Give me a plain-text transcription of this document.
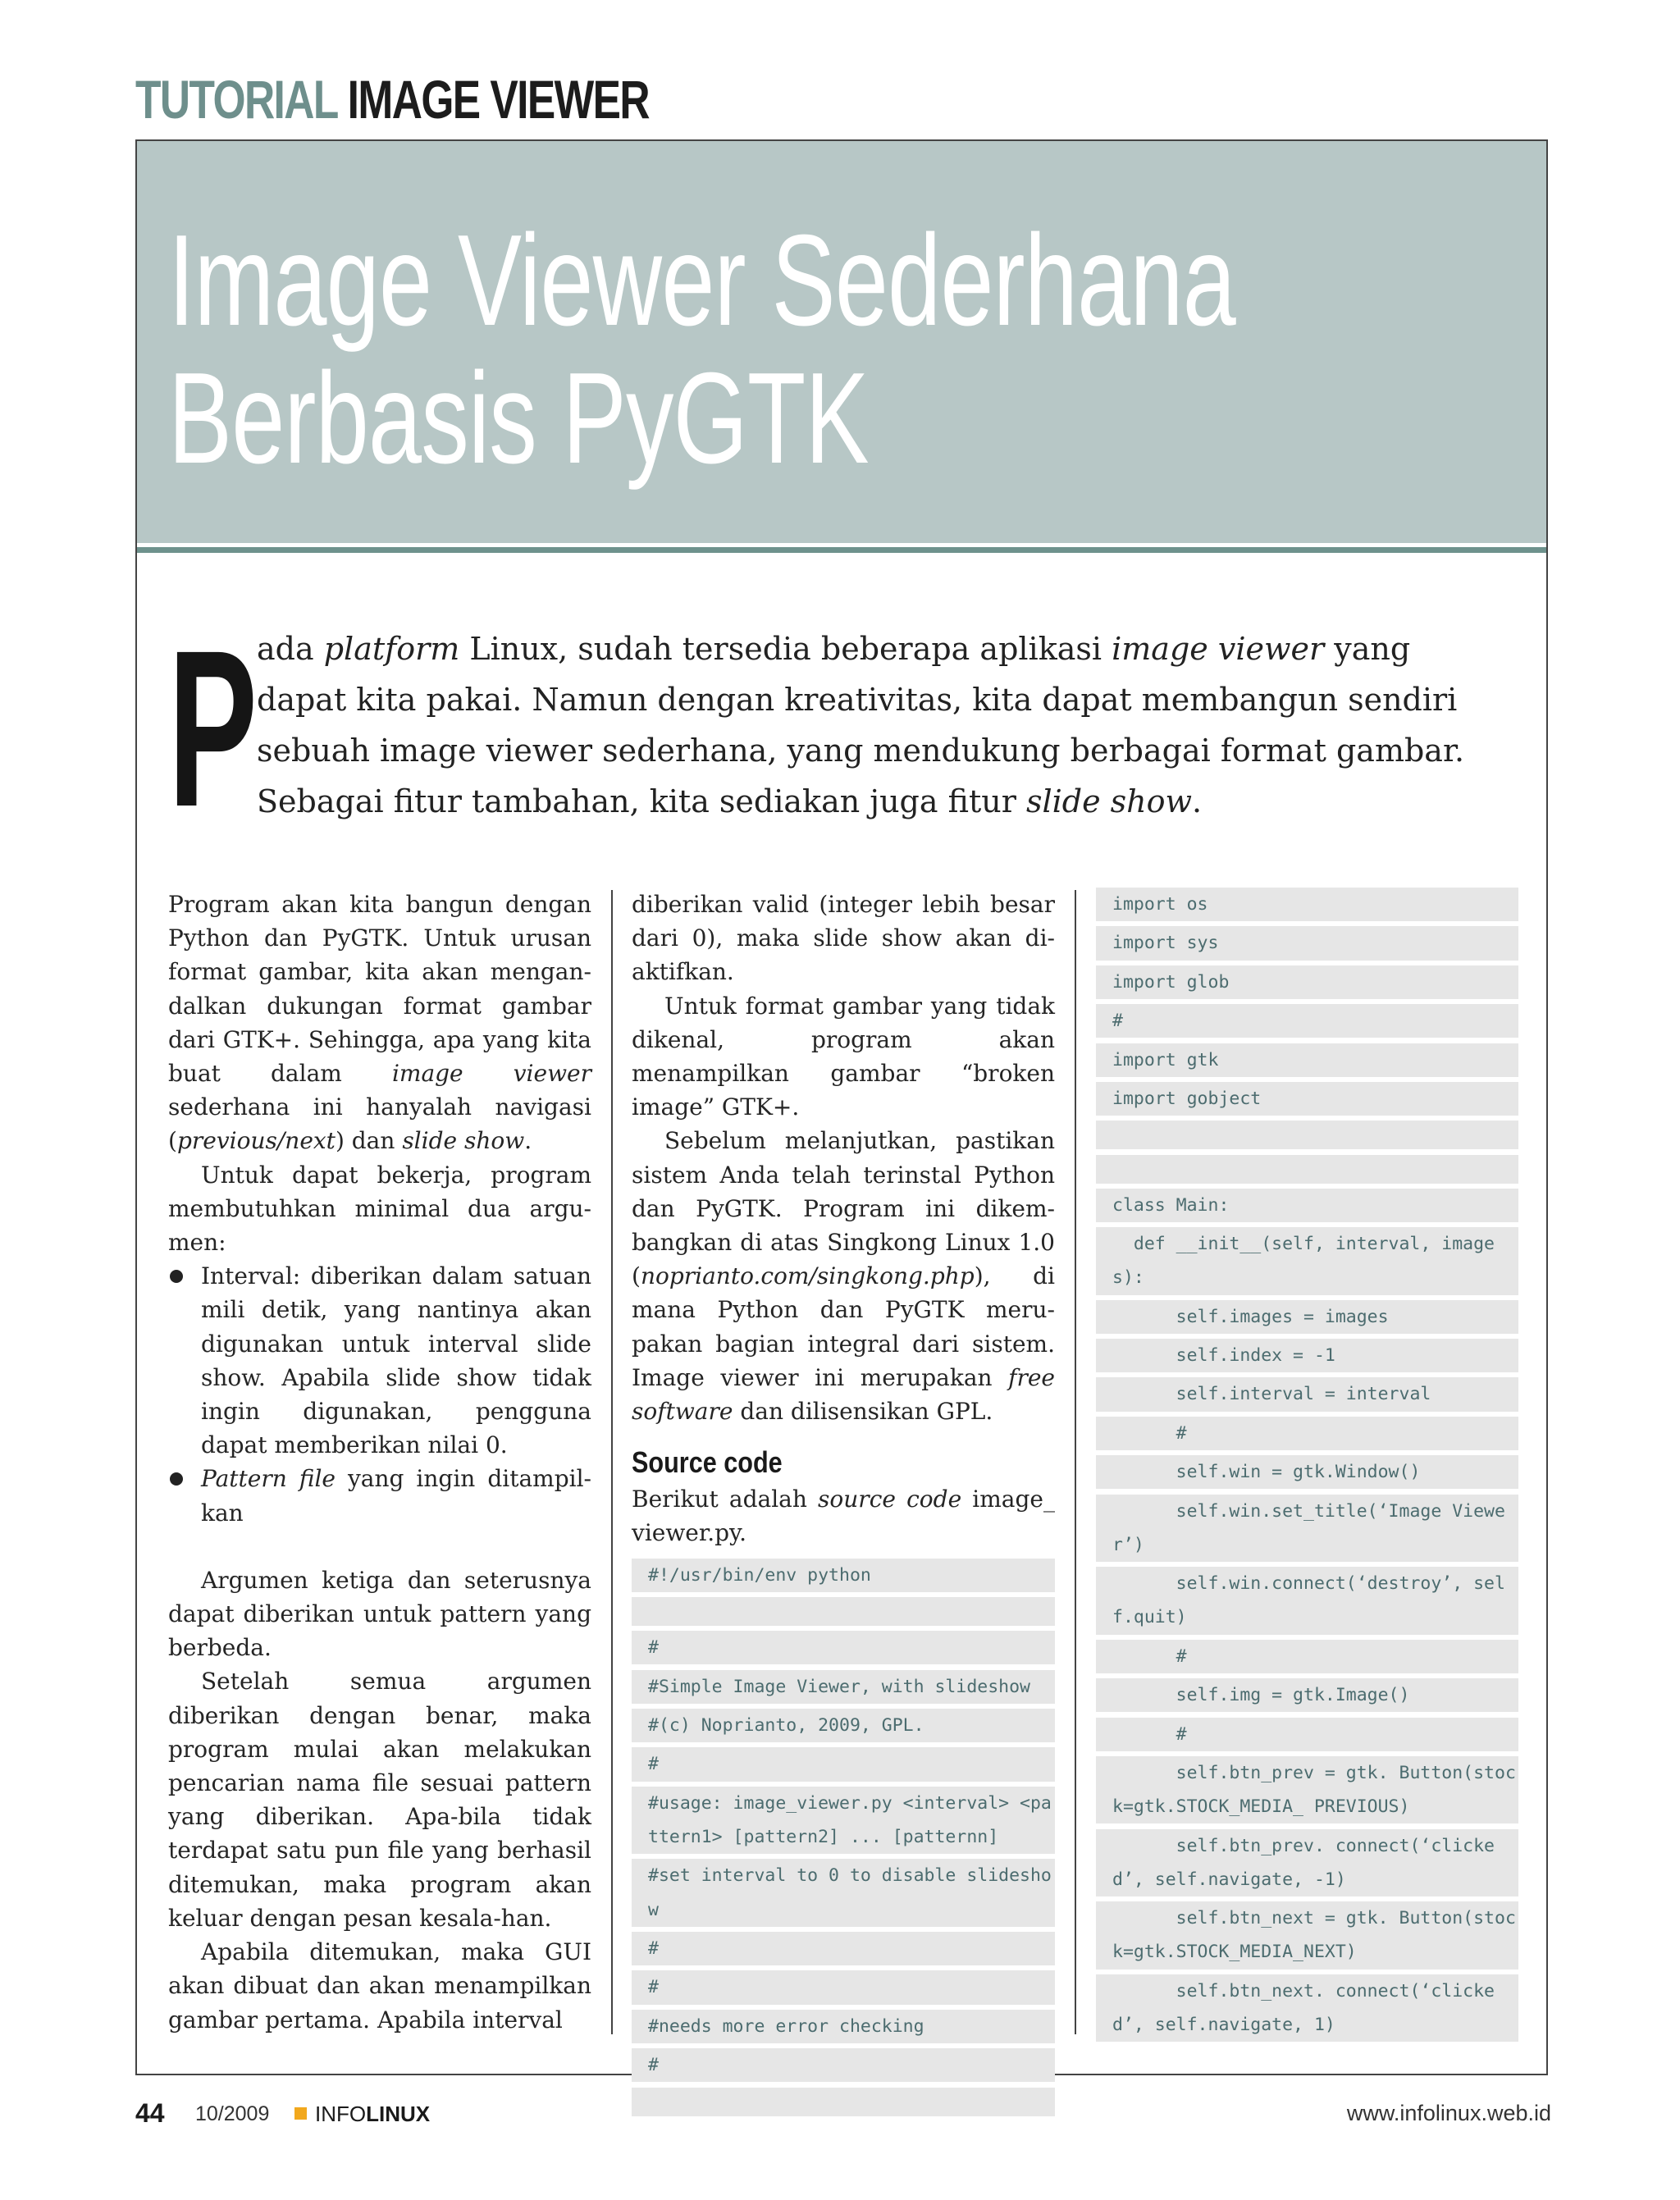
TUTORIAL IMAGE VIEWER
Image Viewer Sederhana
Berbasis PyGTK
P ada platform Linux, sudah tersedia beberapa aplikasi image viewer yang dapat kita pakai. Namun dengan kreativitas, kita dapat membangun sendiri sebuah image viewer sederhana, yang mendukung berbagai format gambar. Sebagai fitur tambahan, kita sediakan juga fitur slide show.

Program akan kita bangun dengan Python dan PyGTK. Untuk urusan format gambar, kita akan mengan-dalkan dukungan format gambar dari GTK+. Sehingga, apa yang kita buat dalam image viewer sederhana ini hanyalah navigasi (previous/next) dan slide show.

Untuk dapat bekerja, program membutuhkan minimal dua argu-men:

Interval: diberikan dalam satuan mili detik, yang nantinya akan digunakan untuk interval slide show. Apabila slide show tidak ingin digunakan, pengguna dapat memberikan nilai 0.
Pattern file yang ingin ditampil-kan

Argumen ketiga dan seterusnya dapat diberikan untuk pattern yang berbeda.

Setelah semua argumen diberikan dengan benar, maka program mulai akan melakukan pencarian nama file sesuai pattern yang diberikan. Apa-bila tidak terdapat satu pun file yang berhasil ditemukan, maka program akan keluar dengan pesan kesala-han.

Apabila ditemukan, maka GUI akan dibuat dan akan menampilkan gambar pertama. Apabila interval

diberikan valid (integer lebih besar dari 0), maka slide show akan di-aktifkan.

Untuk format gambar yang tidak dikenal, program akan menampilkan gambar “broken image” GTK+.

Sebelum melanjutkan, pastikan sistem Anda telah terinstal Python dan PyGTK. Program ini dikem-bangkan di atas Singkong Linux 1.0 (noprianto.com/singkong.php), di mana Python dan PyGTK meru-pakan bagian integral dari sistem. Image viewer ini merupakan free software dan dilisensikan GPL.

Source code

Berikut adalah source code image_ viewer.py.

#!/usr/bin/env python
#
#Simple Image Viewer, with slideshow
#(c) Noprianto, 2009, GPL.
#
#usage: image_viewer.py <interval> <pattern1> [pattern2] ... [patternn]
#set interval to 0 to disable slideshow
#
#
#needs more error checking
#
import os
import sys
import glob
#
import gtk
import gobject
class Main:
def __init__(self, interval, images):
self.images = images
self.index = -1
self.interval = interval
#
self.win = gtk.Window()
self.win.set_title(‘Image Viewer’)
self.win.connect(‘destroy’, self.quit)
#
self.img = gtk.Image()
#
self.btn_prev = gtk. Button(stock=gtk.STOCK_MEDIA_ PREVIOUS)
self.btn_prev. connect(‘clicked’, self.navigate, -1)
self.btn_next = gtk. Button(stock=gtk.STOCK_MEDIA_NEXT)
self.btn_next. connect(‘clicked’, self.navigate, 1)
44 10/2009 INFOLINUX	www.infolinux.web.id
